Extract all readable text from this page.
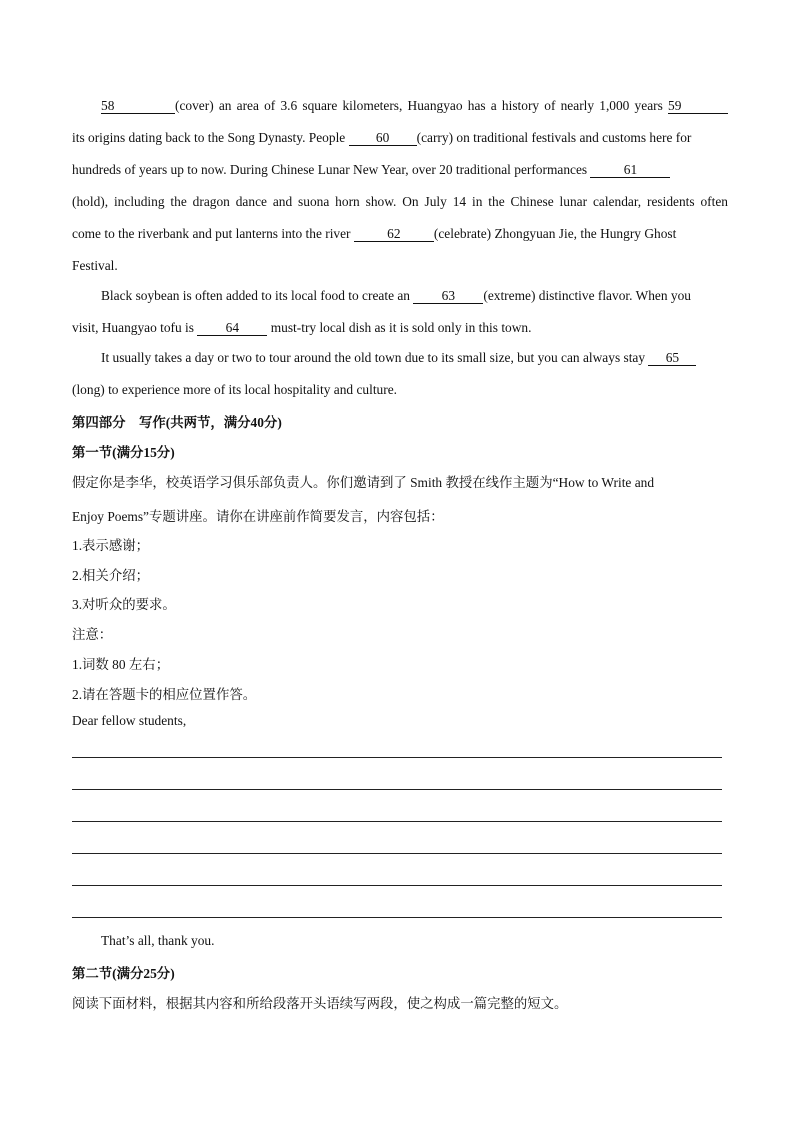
58	(cover) an area of 3.6 square kilometers, Huangyao has a history of nearly 1,000 years 59
its origins dating back to the Song Dynasty. People 60 (carry) on traditional festivals and customs here for
hundreds of years up to now. During Chinese Lunar New Year, over 20 traditional performances	61
(hold), including the dragon dance and suona horn show. On July 14 in the Chinese lunar calendar, residents often
come to the riverbank and put lanterns into the river	62 (celebrate) Zhongyuan Jie, the Hungry Ghost
Festival.
Black soybean is often added to its local food to create an 63 (extreme) distinctive flavor. When you
visit, Huangyao tofu is 64 must-try local dish as it is sold only in this town.
It usually takes a day or two to tour around the old town due to its small size, but you can always stay 65
(long) to experience more of its local hospitality and culture.
第四部分　写作(共两节，满分40分)
第一节(满分15分)
假定你是李华，校英语学习俱乐部负责人。你们邀请到了 Smith 教授在线作主题为“How to Write and
Enjoy Poems”专题讲座。请你在讲座前作简要发言，内容包括：
1.表示感谢；
2.相关介绍；
3.对听众的要求。
注意：
1.词数 80 左右；
2.请在答题卡的相应位置作答。
Dear fellow students,
That’s all, thank you.
第二节(满分25分)
阅读下面材料，根据其内容和所给段落开头语续写两段，使之构成一篇完整的短文。
